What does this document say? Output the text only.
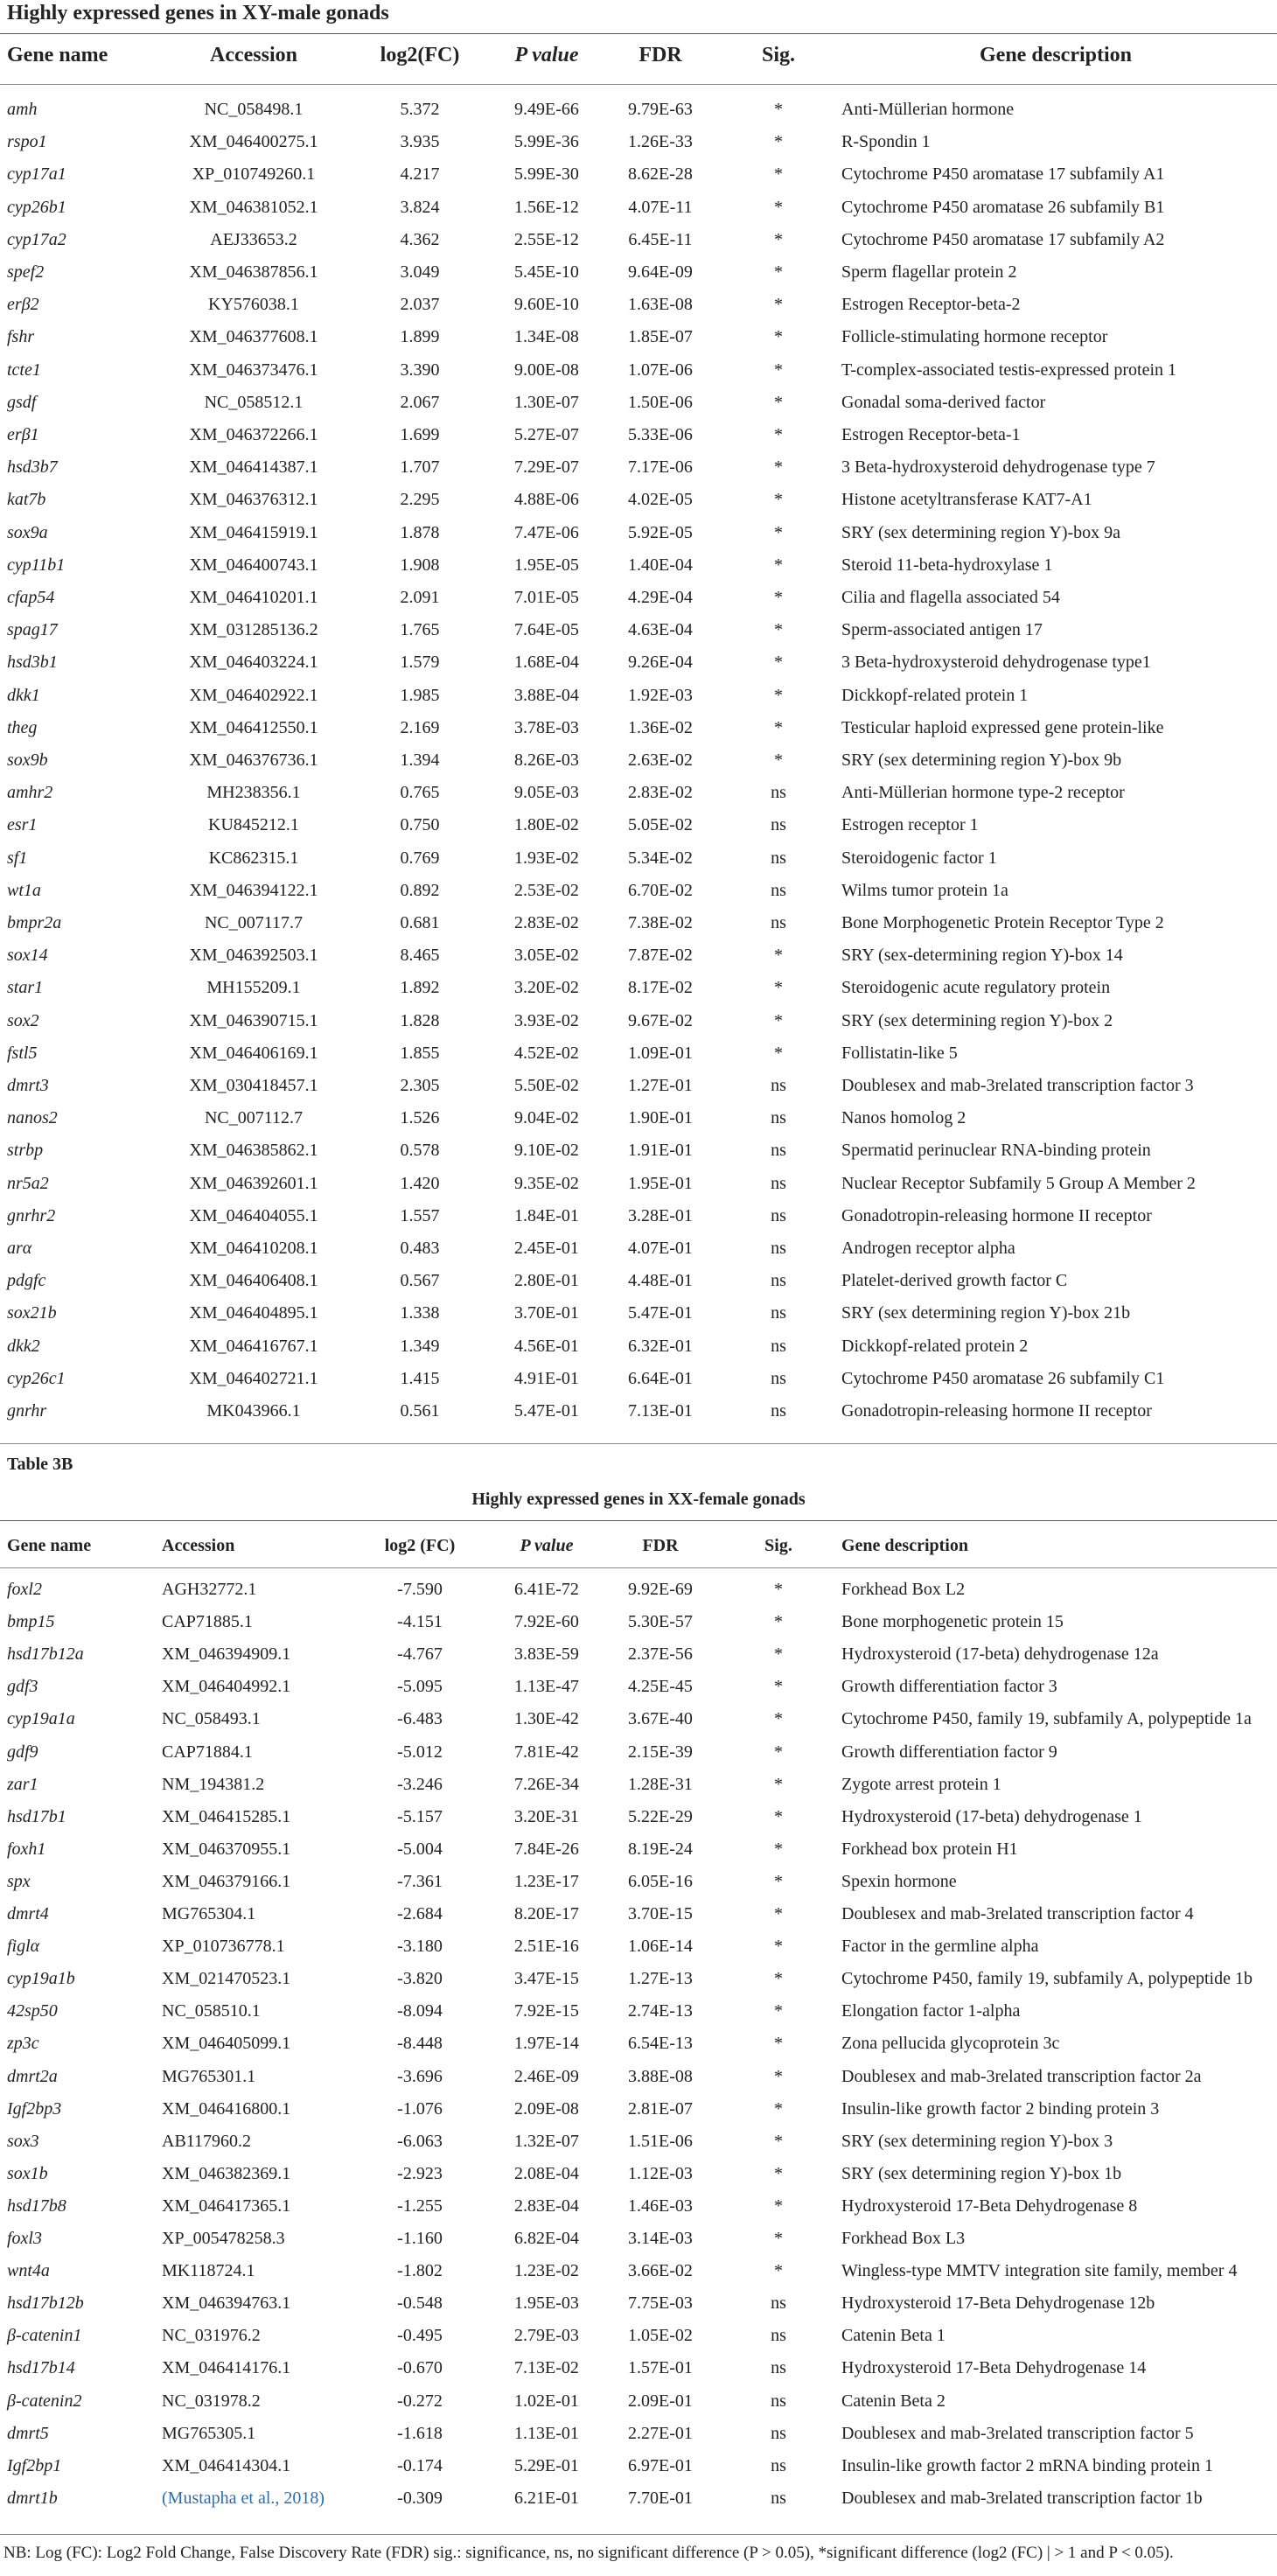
Highly expressed genes in XY-male gonads
Gene name	Accession	log2(FC)	P value	FDR	Sig.	Gene description
amh	NC_058498.1	5.372	9.49E-66	9.79E-63	*	Anti-Müllerian hormone
rspo1	XM_046400275.1	3.935	5.99E-36	1.26E-33	*	R-Spondin 1
cyp17a1	XP_010749260.1	4.217	5.99E-30	8.62E-28	*	Cytochrome P450 aromatase 17 subfamily A1
cyp26b1	XM_046381052.1	3.824	1.56E-12	4.07E-11	*	Cytochrome P450 aromatase 26 subfamily B1
cyp17a2	AEJ33653.2	4.362	2.55E-12	6.45E-11	*	Cytochrome P450 aromatase 17 subfamily A2
spef2	XM_046387856.1	3.049	5.45E-10	9.64E-09	*	Sperm flagellar protein 2
erβ2	KY576038.1	2.037	9.60E-10	1.63E-08	*	Estrogen Receptor-beta-2
fshr	XM_046377608.1	1.899	1.34E-08	1.85E-07	*	Follicle-stimulating hormone receptor
tcte1	XM_046373476.1	3.390	9.00E-08	1.07E-06	*	T-complex-associated testis-expressed protein 1
gsdf	NC_058512.1	2.067	1.30E-07	1.50E-06	*	Gonadal soma-derived factor
erβ1	XM_046372266.1	1.699	5.27E-07	5.33E-06	*	Estrogen Receptor-beta-1
hsd3b7	XM_046414387.1	1.707	7.29E-07	7.17E-06	*	3 Beta-hydroxysteroid dehydrogenase type 7
kat7b	XM_046376312.1	2.295	4.88E-06	4.02E-05	*	Histone acetyltransferase KAT7-A1
sox9a	XM_046415919.1	1.878	7.47E-06	5.92E-05	*	SRY (sex determining region Y)-box 9a
cyp11b1	XM_046400743.1	1.908	1.95E-05	1.40E-04	*	Steroid 11-beta-hydroxylase 1
cfap54	XM_046410201.1	2.091	7.01E-05	4.29E-04	*	Cilia and flagella associated 54
spag17	XM_031285136.2	1.765	7.64E-05	4.63E-04	*	Sperm-associated antigen 17
hsd3b1	XM_046403224.1	1.579	1.68E-04	9.26E-04	*	3 Beta-hydroxysteroid dehydrogenase type1
dkk1	XM_046402922.1	1.985	3.88E-04	1.92E-03	*	Dickkopf-related protein 1
theg	XM_046412550.1	2.169	3.78E-03	1.36E-02	*	Testicular haploid expressed gene protein-like
sox9b	XM_046376736.1	1.394	8.26E-03	2.63E-02	*	SRY (sex determining region Y)-box 9b
amhr2	MH238356.1	0.765	9.05E-03	2.83E-02	ns	Anti-Müllerian hormone type-2 receptor
esr1	KU845212.1	0.750	1.80E-02	5.05E-02	ns	Estrogen receptor 1
sf1	KC862315.1	0.769	1.93E-02	5.34E-02	ns	Steroidogenic factor 1
wt1a	XM_046394122.1	0.892	2.53E-02	6.70E-02	ns	Wilms tumor protein 1a
bmpr2a	NC_007117.7	0.681	2.83E-02	7.38E-02	ns	Bone Morphogenetic Protein Receptor Type 2
sox14	XM_046392503.1	8.465	3.05E-02	7.87E-02	*	SRY (sex-determining region Y)-box 14
star1	MH155209.1	1.892	3.20E-02	8.17E-02	*	Steroidogenic acute regulatory protein
sox2	XM_046390715.1	1.828	3.93E-02	9.67E-02	*	SRY (sex determining region Y)-box 2
fstl5	XM_046406169.1	1.855	4.52E-02	1.09E-01	*	Follistatin-like 5
dmrt3	XM_030418457.1	2.305	5.50E-02	1.27E-01	ns	Doublesex and mab-3related transcription factor 3
nanos2	NC_007112.7	1.526	9.04E-02	1.90E-01	ns	Nanos homolog 2
strbp	XM_046385862.1	0.578	9.10E-02	1.91E-01	ns	Spermatid perinuclear RNA-binding protein
nr5a2	XM_046392601.1	1.420	9.35E-02	1.95E-01	ns	Nuclear Receptor Subfamily 5 Group A Member 2
gnrhr2	XM_046404055.1	1.557	1.84E-01	3.28E-01	ns	Gonadotropin-releasing hormone II receptor
arα	XM_046410208.1	0.483	2.45E-01	4.07E-01	ns	Androgen receptor alpha
pdgfc	XM_046406408.1	0.567	2.80E-01	4.48E-01	ns	Platelet-derived growth factor C
sox21b	XM_046404895.1	1.338	3.70E-01	5.47E-01	ns	SRY (sex determining region Y)-box 21b
dkk2	XM_046416767.1	1.349	4.56E-01	6.32E-01	ns	Dickkopf-related protein 2
cyp26c1	XM_046402721.1	1.415	4.91E-01	6.64E-01	ns	Cytochrome P450 aromatase 26 subfamily C1
gnrhr	MK043966.1	0.561	5.47E-01	7.13E-01	ns	Gonadotropin-releasing hormone II receptor
Table 3B
Highly expressed genes in XX-female gonads
Gene name	Accession	log2 (FC)	P value	FDR	Sig.	Gene description
foxl2	AGH32772.1	-7.590	6.41E-72	9.92E-69	*	Forkhead Box L2
bmp15	CAP71885.1	-4.151	7.92E-60	5.30E-57	*	Bone morphogenetic protein 15
hsd17b12a	XM_046394909.1	-4.767	3.83E-59	2.37E-56	*	Hydroxysteroid (17-beta) dehydrogenase 12a
gdf3	XM_046404992.1	-5.095	1.13E-47	4.25E-45	*	Growth differentiation factor 3
cyp19a1a	NC_058493.1	-6.483	1.30E-42	3.67E-40	*	Cytochrome P450, family 19, subfamily A, polypeptide 1a
gdf9	CAP71884.1	-5.012	7.81E-42	2.15E-39	*	Growth differentiation factor 9
zar1	NM_194381.2	-3.246	7.26E-34	1.28E-31	*	Zygote arrest protein 1
hsd17b1	XM_046415285.1	-5.157	3.20E-31	5.22E-29	*	Hydroxysteroid (17-beta) dehydrogenase 1
foxh1	XM_046370955.1	-5.004	7.84E-26	8.19E-24	*	Forkhead box protein H1
spx	XM_046379166.1	-7.361	1.23E-17	6.05E-16	*	Spexin hormone
dmrt4	MG765304.1	-2.684	8.20E-17	3.70E-15	*	Doublesex and mab-3related transcription factor 4
figlα	XP_010736778.1	-3.180	2.51E-16	1.06E-14	*	Factor in the germline alpha
cyp19a1b	XM_021470523.1	-3.820	3.47E-15	1.27E-13	*	Cytochrome P450, family 19, subfamily A, polypeptide 1b
42sp50	NC_058510.1	-8.094	7.92E-15	2.74E-13	*	Elongation factor 1-alpha
zp3c	XM_046405099.1	-8.448	1.97E-14	6.54E-13	*	Zona pellucida glycoprotein 3c
dmrt2a	MG765301.1	-3.696	2.46E-09	3.88E-08	*	Doublesex and mab-3related transcription factor 2a
Igf2bp3	XM_046416800.1	-1.076	2.09E-08	2.81E-07	*	Insulin-like growth factor 2 binding protein 3
sox3	AB117960.2	-6.063	1.32E-07	1.51E-06	*	SRY (sex determining region Y)-box 3
sox1b	XM_046382369.1	-2.923	2.08E-04	1.12E-03	*	SRY (sex determining region Y)-box 1b
hsd17b8	XM_046417365.1	-1.255	2.83E-04	1.46E-03	*	Hydroxysteroid 17-Beta Dehydrogenase 8
foxl3	XP_005478258.3	-1.160	6.82E-04	3.14E-03	*	Forkhead Box L3
wnt4a	MK118724.1	-1.802	1.23E-02	3.66E-02	*	Wingless-type MMTV integration site family, member 4
hsd17b12b	XM_046394763.1	-0.548	1.95E-03	7.75E-03	ns	Hydroxysteroid 17-Beta Dehydrogenase 12b
β-catenin1	NC_031976.2	-0.495	2.79E-03	1.05E-02	ns	Catenin Beta 1
hsd17b14	XM_046414176.1	-0.670	7.13E-02	1.57E-01	ns	Hydroxysteroid 17-Beta Dehydrogenase 14
β-catenin2	NC_031978.2	-0.272	1.02E-01	2.09E-01	ns	Catenin Beta 2
dmrt5	MG765305.1	-1.618	1.13E-01	2.27E-01	ns	Doublesex and mab-3related transcription factor 5
Igf2bp1	XM_046414304.1	-0.174	5.29E-01	6.97E-01	ns	Insulin-like growth factor 2 mRNA binding protein 1
dmrt1b	(Mustapha et al., 2018)	-0.309	6.21E-01	7.70E-01	ns	Doublesex and mab-3related transcription factor 1b
NB: Log (FC): Log2 Fold Change, False Discovery Rate (FDR) sig.: significance, ns, no significant difference (P > 0.05), *significant difference (log2 (FC) | > 1 and P < 0.05).
